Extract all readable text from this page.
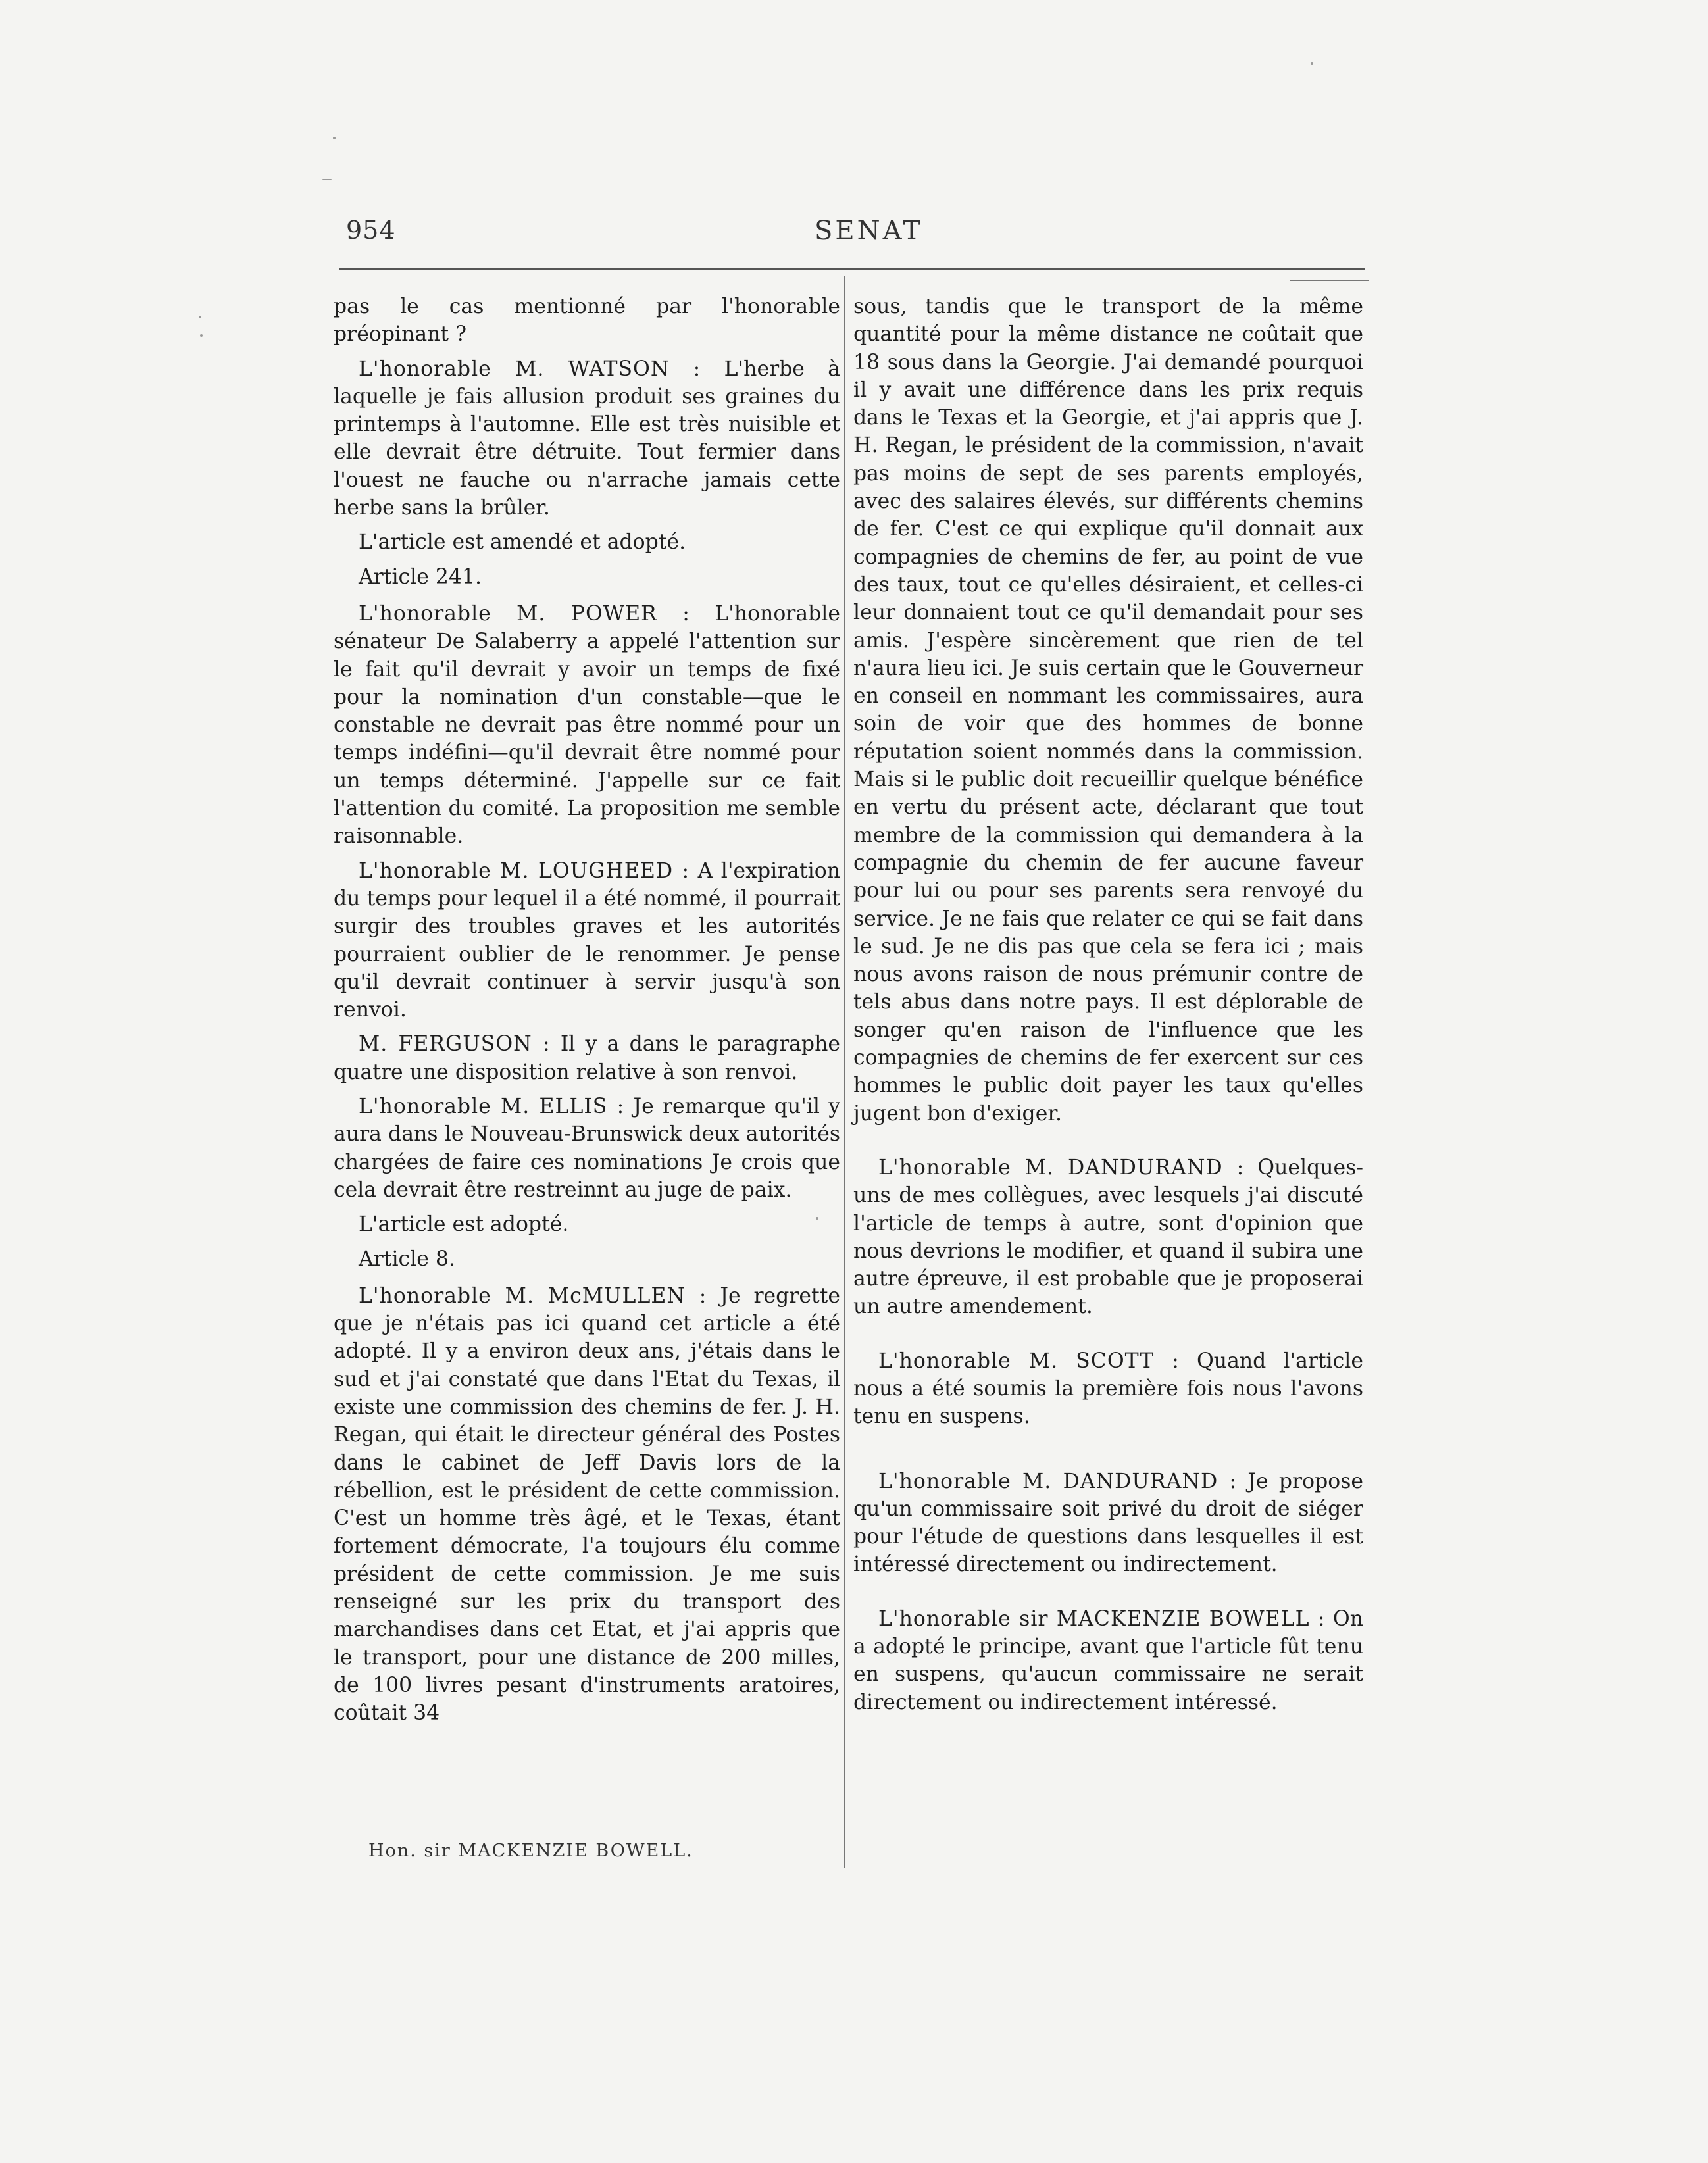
954	SENAT

pas le cas mentionné par l'honorable préopinant ?

L'honorable M. WATSON : L'herbe à laquelle je fais allusion produit ses graines du printemps à l'automne. Elle est très nuisible et elle devrait être détruite. Tout fermier dans l'ouest ne fauche ou n'arrache jamais cette herbe sans la brûler.

L'article est amendé et adopté.

Article 241.

L'honorable M. POWER : L'honorable sénateur De Salaberry a appelé l'attention sur le fait qu'il devrait y avoir un temps de fixé pour la nomination d'un constable—que le constable ne devrait pas être nommé pour un temps indéfini—qu'il devrait être nommé pour un temps déterminé. J'appelle sur ce fait l'attention du comité. La proposition me semble raisonnable.

L'honorable M. LOUGHEED : A l'expiration du temps pour lequel il a été nommé, il pourrait surgir des troubles graves et les autorités pourraient oublier de le renommer. Je pense qu'il devrait continuer à servir jusqu'à son renvoi.

M. FERGUSON : Il y a dans le paragraphe quatre une disposition relative à son renvoi.

L'honorable M. ELLIS : Je remarque qu'il y aura dans le Nouveau-Brunswick deux autorités chargées de faire ces nominations Je crois que cela devrait être restreinnt au juge de paix.

L'article est adopté.

Article 8.

L'honorable M. McMULLEN : Je regrette que je n'étais pas ici quand cet article a été adopté. Il y a environ deux ans, j'étais dans le sud et j'ai constaté que dans l'Etat du Texas, il existe une commission des chemins de fer. J. H. Regan, qui était le directeur général des Postes dans le cabinet de Jeff Davis lors de la rébellion, est le président de cette commission. C'est un homme très âgé, et le Texas, étant fortement démocrate, l'a toujours élu comme président de cette commission. Je me suis renseigné sur les prix du transport des marchandises dans cet Etat, et j'ai appris que le transport, pour une distance de 200 milles, de 100 livres pesant d'instruments aratoires, coûtait 34

sous, tandis que le transport de la même quantité pour la même distance ne coûtait que 18 sous dans la Georgie. J'ai demandé pourquoi il y avait une différence dans les prix requis dans le Texas et la Georgie, et j'ai appris que J. H. Regan, le président de la commission, n'avait pas moins de sept de ses parents employés, avec des salaires élevés, sur différents chemins de fer. C'est ce qui explique qu'il donnait aux compagnies de chemins de fer, au point de vue des taux, tout ce qu'elles désiraient, et celles-ci leur donnaient tout ce qu'il demandait pour ses amis. J'espère sincèrement que rien de tel n'aura lieu ici. Je suis certain que le Gouverneur en conseil en nommant les commissaires, aura soin de voir que des hommes de bonne réputation soient nommés dans la commission. Mais si le public doit recueillir quelque bénéfice en vertu du présent acte, déclarant que tout membre de la commission qui demandera à la compagnie du chemin de fer aucune faveur pour lui ou pour ses parents sera renvoyé du service. Je ne fais que relater ce qui se fait dans le sud. Je ne dis pas que cela se fera ici ; mais nous avons raison de nous prémunir contre de tels abus dans notre pays. Il est déplorable de songer qu'en raison de l'influence que les compagnies de chemins de fer exercent sur ces hommes le public doit payer les taux qu'elles jugent bon d'exiger.

L'honorable M. DANDURAND : Quelques-uns de mes collègues, avec lesquels j'ai discuté l'article de temps à autre, sont d'opinion que nous devrions le modifier, et quand il subira une autre épreuve, il est probable que je proposerai un autre amendement.

L'honorable M. SCOTT : Quand l'article nous a été soumis la première fois nous l'avons tenu en suspens.

L'honorable M. DANDURAND : Je propose qu'un commissaire soit privé du droit de siéger pour l'étude de questions dans lesquelles il est intéressé directement ou indirectement.

L'honorable sir MACKENZIE BOWELL : On a adopté le principe, avant que l'article fût tenu en suspens, qu'aucun commissaire ne serait directement ou indirectement intéressé.

Hon. sir MACKENZIE BOWELL.
